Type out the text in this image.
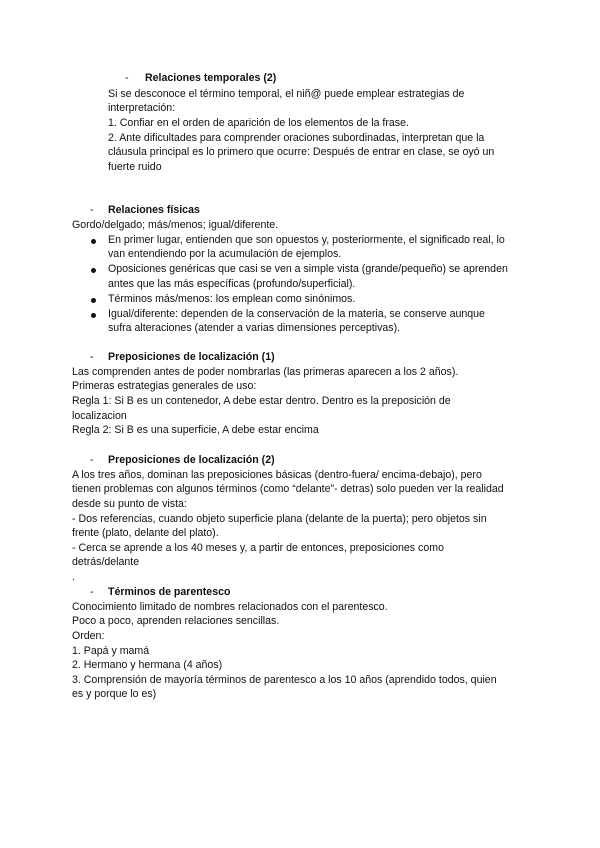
- Relaciones temporales (2)
Si se desconoce el término temporal, el niñ@ puede emplear estrategias de
interpretación:
1. Confiar en el orden de aparición de los elementos de la frase.
2. Ante dificultades para comprender oraciones subordinadas, interpretan que la
cláusula principal es lo primero que ocurre: Después de entrar en clase, se oyó un
fuerte ruido
- Relaciones físicas
Gordo/delgado; más/menos; igual/diferente.
En primer lugar, entienden que son opuestos y, posteriormente, el significado real, lo
van entendiendo por la acumulación de ejemplos.
Oposiciones genéricas que casi se ven a simple vista (grande/pequeño) se aprenden
antes que las más específicas (profundo/superficial).
Términos más/menos: los emplean como sinónimos.
Igual/diferente: dependen de la conservación de la materia, se conserve aunque
sufra alteraciones (atender a varias dimensiones perceptivas).
- Preposiciones de localización (1)
Las comprenden antes de poder nombrarlas (las primeras aparecen a los 2 años).
Primeras estrategias generales de uso:
Regla 1: Si B es un contenedor, A debe estar dentro. Dentro es la preposición de
localizacion
Regla 2: Si B es una superficie, A debe estar encima
- Preposiciones de localización (2)
A los tres años, dominan las preposiciones básicas (dentro-fuera/ encima-debajo), pero
tienen problemas con algunos términos (como “delante”- detras) solo pueden ver la realidad
desde su punto de vista:
- Dos referencias, cuando objeto superficie plana (delante de la puerta); pero objetos sin
frente (plato, delante del plato).
- Cerca se aprende a los 40 meses y, a partir de entonces, preposiciones como
detrás/delante
.
- Términos de parentesco
Conocimiento limitado de nombres relacionados con el parentesco.
Poco a poco, aprenden relaciones sencillas.
Orden:
1. Papá y mamá
2. Hermano y hermana (4 años)
3. Comprensión de mayoría términos de parentesco a los 10 años (aprendido todos, quien
es y porque lo es)
